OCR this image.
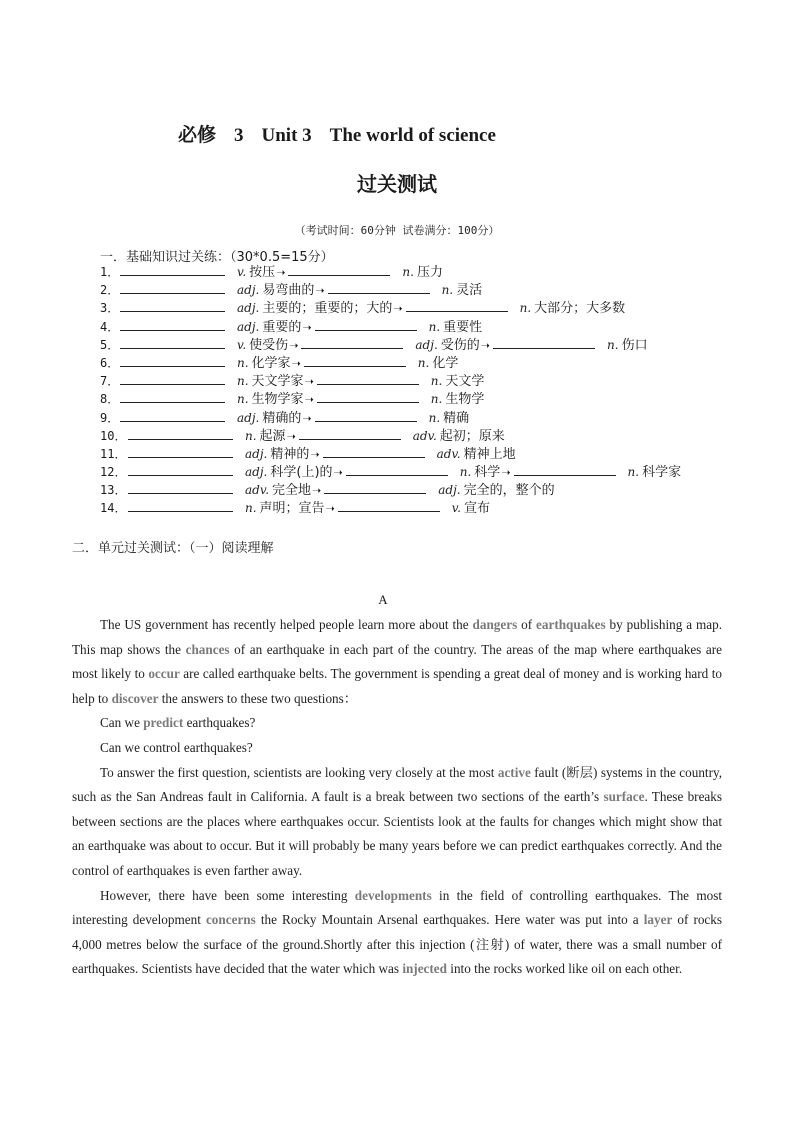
必修 3 Unit 3 The world of science
过关测试
（考试时间：60分钟 试卷满分：100分）
一．基础知识过关练：（30*0.5=15分）
1．	v. 按压 ➝	n. 压力
2．	adj. 易弯曲的 ➝	n. 灵活
3．	adj. 主要的；重要的；大的 ➝	n. 大部分；大多数
4．	adj. 重要的 ➝	n. 重要性
5．	v. 使受伤 ➝	adj. 受伤的 ➝	n. 伤口
6．	n. 化学家 ➝	n. 化学
7．	n. 天文学家 ➝	n. 天文学
8．	n. 生物学家 ➝	n. 生物学
9．	adj. 精确的 ➝	n. 精确
10．	n. 起源 ➝	adv. 起初；原来
11．	adj. 精神的 ➝	adv. 精神上地
12．	adj. 科学(上)的 ➝	n. 科学 ➝	n. 科学家
13．	adv. 完全地 ➝	adj. 完全的，整个的
14．	n. 声明；宣告 ➝	v. 宣布
二．单元过关测试：（一）阅读理解
A

The US government has recently helped people learn more about the dangers of earthquakes by publishing a map. This map shows the chances of an earthquake in each part of the country. The areas of the map where earthquakes are most likely to occur are called earthquake belts. The government is spending a great deal of money and is working hard to help to discover the answers to these two questions：

Can we predict earthquakes?

Can we control earthquakes?

To answer the first question, scientists are looking very closely at the most active fault (断层) systems in the country, such as the San Andreas fault in California. A fault is a break between two sections of the earth’s surface. These breaks between sections are the places where earthquakes occur. Scientists look at the faults for changes which might show that an earthquake was about to occur. But it will probably be many years before we can predict earthquakes correctly. And the control of earthquakes is even farther away.

However, there have been some interesting developments in the field of controlling earthquakes. The most interesting development concerns the Rocky Mountain Arsenal earthquakes. Here water was put into a layer of rocks 4,000 metres below the surface of the ground.Shortly after this injection (注射) of water, there was a small number of earthquakes. Scientists have decided that the water which was injected into the rocks worked like oil on each other.
